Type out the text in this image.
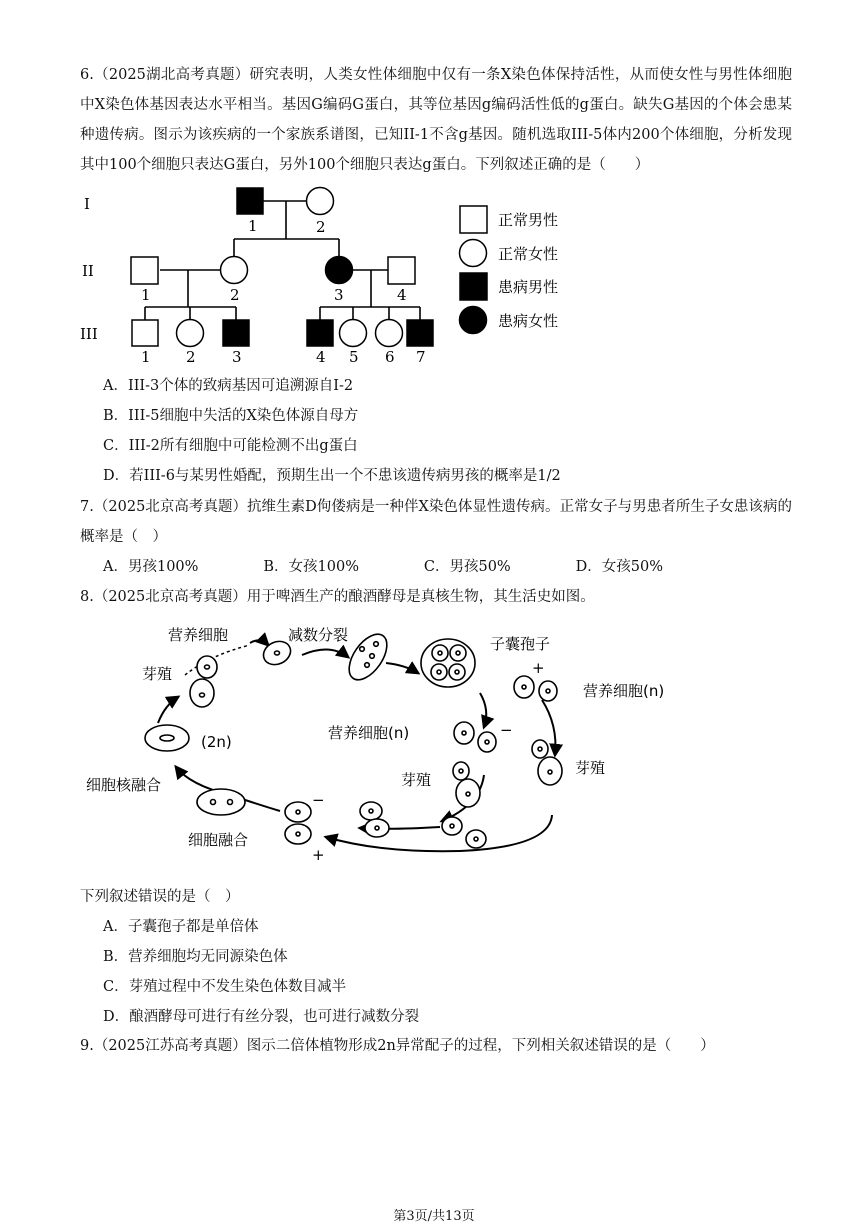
6.（2025湖北高考真题）研究表明，人类女性体细胞中仅有一条X染色体保持活性，从而使女性与男性体细胞中X染色体基因表达水平相当。基因G编码G蛋白，其等位基因g编码活性低的g蛋白。缺失G基因的个体会患某种遗传病。图示为该疾病的一个家族系谱图，已知II-1不含g基因。随机选取III-5体内200个体细胞，分析发现其中100个细胞只表达G蛋白，另外100个细胞只表达g蛋白。下列叙述正确的是（　　）
I
II
III
1	2
1	2	3	4
1 2 3	4 5 6 7
正常男性
正常女性
患病男性
患病女性
A．III-3个体的致病基因可追溯源自I-2
B．III-5细胞中失活的X染色体源自母方
C．III-2所有细胞中可能检测不出g蛋白
D．若III-6与某男性婚配，预期生出一个不患该遗传病男孩的概率是1/2
7.（2025北京高考真题）抗维生素D佝偻病是一种伴X染色体显性遗传病。正常女子与男患者所生子女患该病的概率是（　）
A．男孩100%	B．女孩100%	C．男孩50%	D．女孩50%
8.（2025北京高考真题）用于啤酒生产的酿酒酵母是真核生物，其生活史如图。
营养细胞	减数分裂	子囊孢子
芽殖
(2n)
营养细胞(n)
营养细胞(n)
芽殖
芽殖
细胞核融合
细胞融合
+
−
−
+
下列叙述错误的是（　）
A．子囊孢子都是单倍体
B．营养细胞均无同源染色体
C．芽殖过程中不发生染色体数目减半
D．酿酒酵母可进行有丝分裂，也可进行减数分裂
9.（2025江苏高考真题）图示二倍体植物形成2n异常配子的过程，下列相关叙述错误的是（　　）
第3页/共13页
